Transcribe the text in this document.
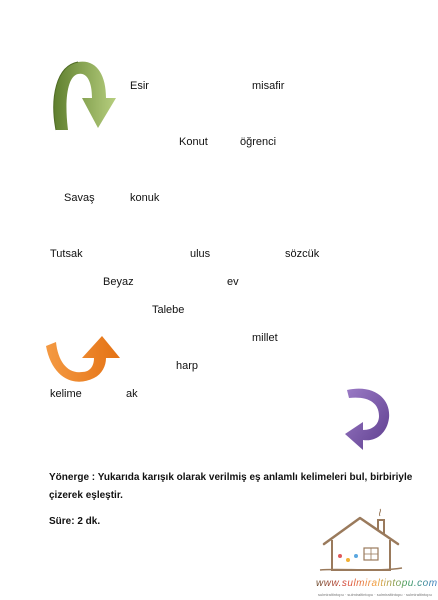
Esir	misafir
Konut	öğrenci
Savaş	konuk
Tutsak	ulus	sözcük
Beyaz	ev
Talebe
millet
harp
kelime	ak
Yönerge : Yukarıda karışık olarak verilmiş eş anlamlı kelimeleri bul, birbiriyle
çizerek eşleştir.
Süre: 2 dk.
www.sulmiraltintopu.com
sulmiraltintopu · sulmiraltintopu · sulmiraltintopu · sulmiraltintopu
